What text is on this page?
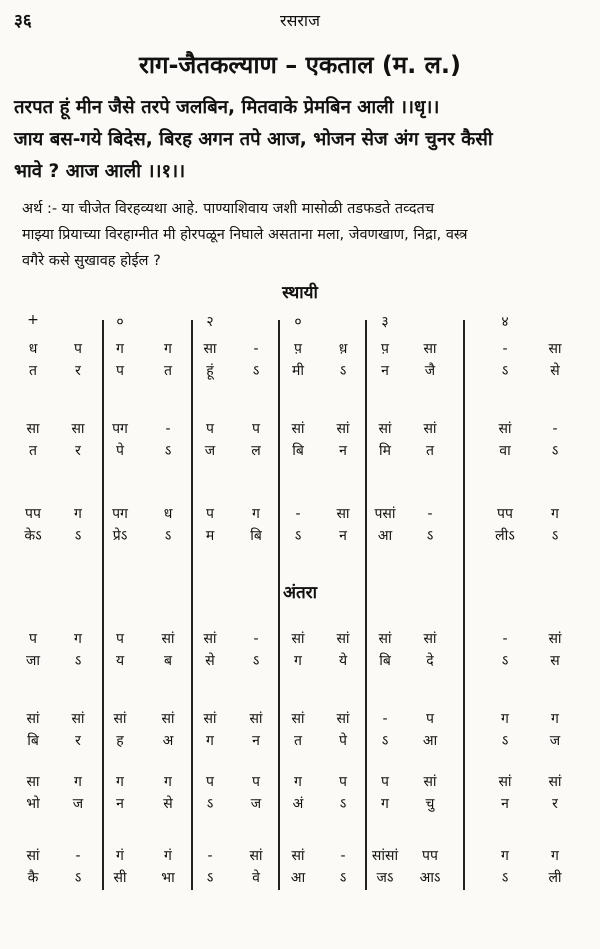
३६	रसराज
राग-जैतकल्याण – एकताल (म. ल.)
तरपत हूं मीन जैसे तरपे जलबिन, मितवाके प्रेमबिन आली ।।धृ।।
जाय बस-गये बिदेस, बिरह अगन तपे आज, भोजन सेज अंग चुनर कैसी
भावे ? आज आली ।।१।।
अर्थ :- या चीजेत विरहव्यथा आहे. पाण्याशिवाय जशी मासोळी तडफडते तव्दतच
माझ्या प्रियाच्या विरहाग्नीत मी होरपळून निघाले असताना मला, जेवणखाण, निद्रा, वस्त्र
वगैरे कसे सुखावह होईल ?
स्थायी
अंतरा
+	०	२	०	३	४
ध	प	ग	ग	सा	-	प़	ध़	प़	सा	-	सा
त	र	प	त	हूं	ऽ	मी	ऽ	न	जै	ऽ	से
सा	सा	पग	-	प	प	सां	सां	सां	सां	सां	-
त	र	पे	ऽ	ज	ल	बि	न	मि	त	वा	ऽ
पप	ग	पग	ध	प	ग	-	सा	पसां	-	पप	ग
केऽ	ऽ	प्रेऽ	ऽ	म	बि	ऽ	न	आ	ऽ	लीऽ	ऽ
प	ग	प	सां	सां	-	सां	सां	सां	सां	-	सां
जा	ऽ	य	ब	से	ऽ	ग	ये	बि	दे	ऽ	स
सां	सां	सां	सां	सां	सां	सां	सां	-	प	ग	ग
बि	र	ह	अ	ग	न	त	पे	ऽ	आ	ऽ	ज
सा	ग	ग	ग	प	प	ग	प	प	सां	सां	सां
भो	ज	न	से	ऽ	ज	अं	ऽ	ग	चु	न	र
सां	-	गं	गं	-	सां	सां	-	सांसां	पप	ग	ग
कै	ऽ	सी	भा	ऽ	वे	आ	ऽ	जऽ	आऽ	ऽ	ली
